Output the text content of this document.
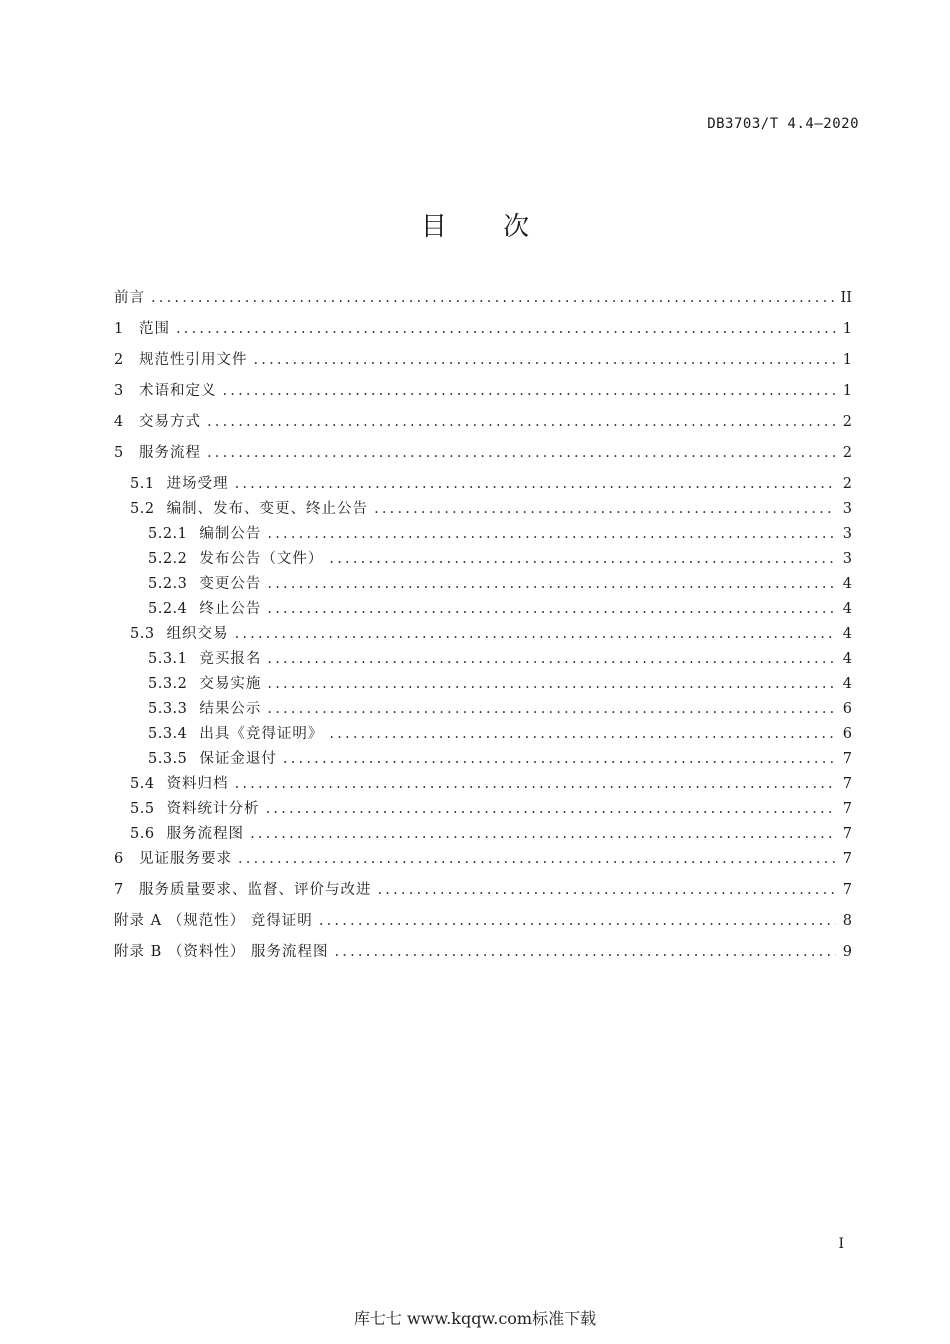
DB3703/T 4.4—2020
目 次
前言 .....	II
1 范围 .....	1
2 规范性引用文件 .....	1
3 术语和定义 .....	1
4 交易方式 .....	2
5 服务流程 .....	2
5.1 进场受理 .....	2
5.2 编制、发布、变更、终止公告 .....	3
5.2.1 编制公告 .....	3
5.2.2 发布公告（文件） .....	3
5.2.3 变更公告 .....	4
5.2.4 终止公告 .....	4
5.3 组织交易 .....	4
5.3.1 竞买报名 .....	4
5.3.2 交易实施 .....	4
5.3.3 结果公示 .....	6
5.3.4 出具《竞得证明》 .....	6
5.3.5 保证金退付 .....	7
5.4 资料归档 .....	7
5.5 资料统计分析 .....	7
5.6 服务流程图 .....	7
6 见证服务要求 .....	7
7 服务质量要求、监督、评价与改进 .....	7
附录 A （规范性） 竞得证明 .....	8
附录 B （资料性） 服务流程图 .....	9
I
库七七 www.kqqw.com标准下载
